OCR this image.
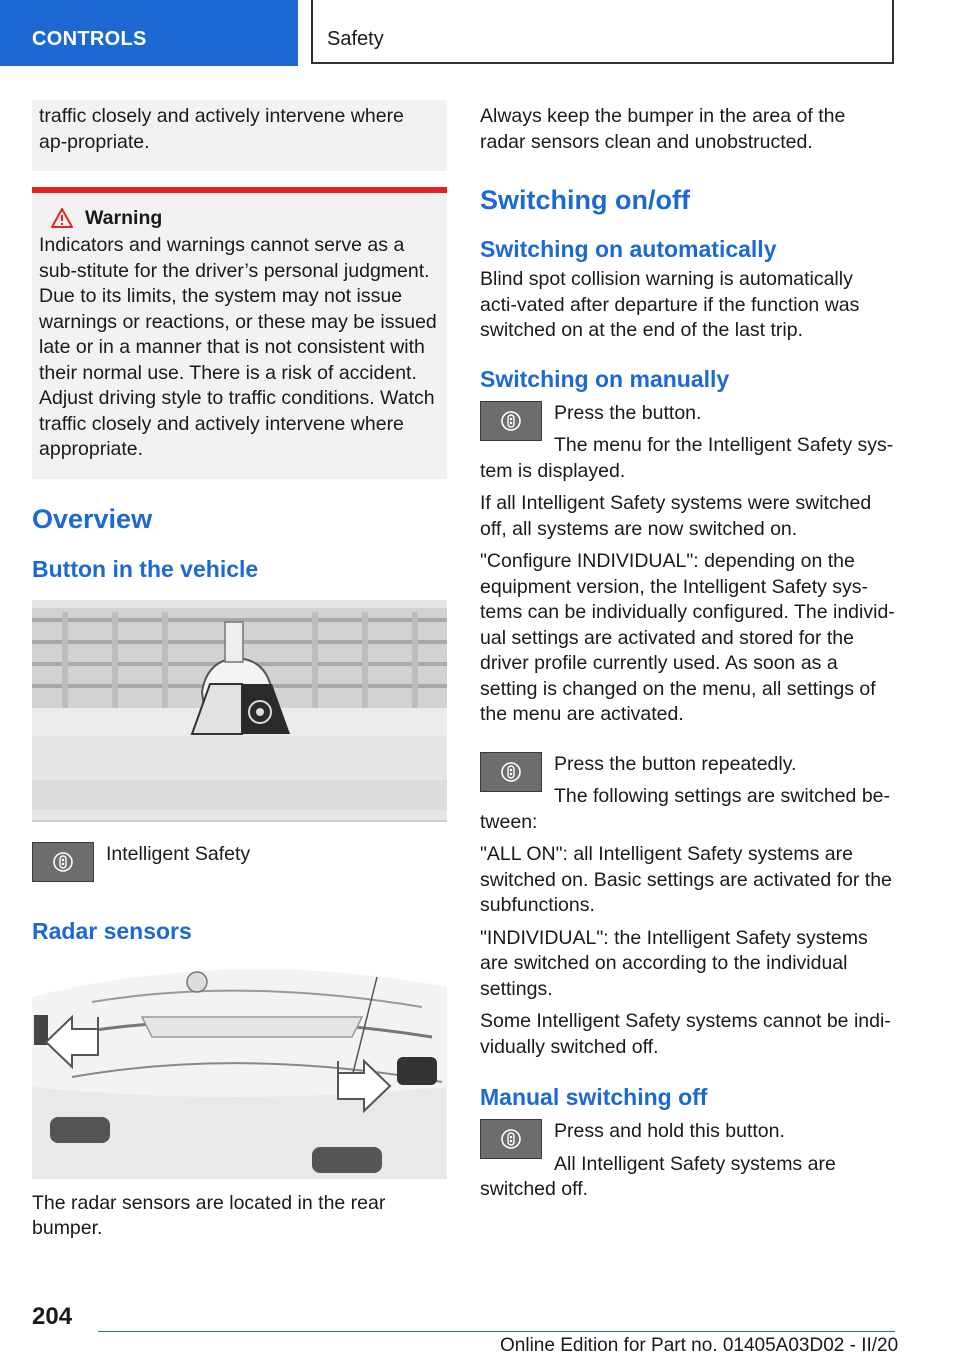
CONTROLS	Safety

traffic closely and actively intervene where ap-propriate.

Warning

Indicators and warnings cannot serve as a sub-stitute for the driver’s personal judgment. Due to its limits, the system may not issue warnings or reactions, or these may be issued late or in a manner that is not consistent with their normal use. There is a risk of accident. Adjust driving style to traffic conditions. Watch traffic closely and actively intervene where appropriate.

Overview
Button in the vehicle

Intelligent Safety

Radar sensors

The radar sensors are located in the rear bumper.

Always keep the bumper in the area of the radar sensors clean and unobstructed.

Switching on/off
Switching on automatically

Blind spot collision warning is automatically acti-vated after departure if the function was switched on at the end of the last trip.

Switching on manually

Press the button.

The menu for the Intelligent Safety sys-tem is displayed.

If all Intelligent Safety systems were switched off, all systems are now switched on.

"Configure INDIVIDUAL": depending on the equipment version, the Intelligent Safety sys-tems can be individually configured. The individ-ual settings are activated and stored for the driver profile currently used. As soon as a setting is changed on the menu, all settings of the menu are activated.

Press the button repeatedly.

The following settings are switched be-tween:

"ALL ON": all Intelligent Safety systems are switched on. Basic settings are activated for the subfunctions.

"INDIVIDUAL": the Intelligent Safety systems are switched on according to the individual settings.

Some Intelligent Safety systems cannot be indi-vidually switched off.

Manual switching off

Press and hold this button.

All Intelligent Safety systems are switched off.

204
Online Edition for Part no. 01405A03D02 - II/20
